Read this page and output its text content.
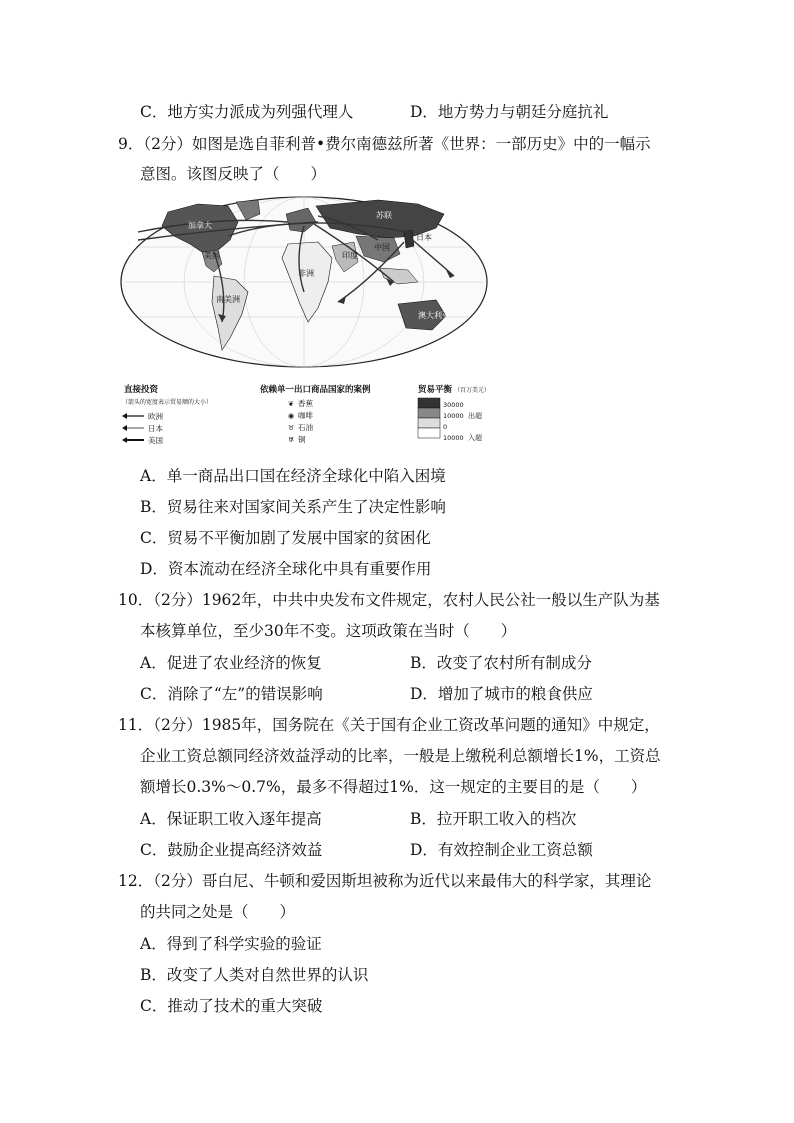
C．地方实力派成为列强代理人	D．地方势力与朝廷分庭抗礼
9．（2分）如图是选自菲利普•费尔南德兹所著《世界：一部历史》中的一幅示
意图。该图反映了（　　）
加拿大
苏联
澳大利亚
美国
非洲
南美洲
中国
日本
印度
直接投资
（箭头的宽度表示贸易额的大小）
欧洲
日本
美国
依赖单一出口商品国家的案例
❦ 香蕉
◉ 咖啡
♉ 石油
♅ 铜
贸易平衡 （百万美元）
30000
10000 出超
0
10000 入超
A．单一商品出口国在经济全球化中陷入困境
B．贸易往来对国家间关系产生了决定性影响
C．贸易不平衡加剧了发展中国家的贫困化
D．资本流动在经济全球化中具有重要作用
10．（2分）1962年，中共中央发布文件规定，农村人民公社一般以生产队为基
本核算单位，至少30年不变。这项政策在当时（　　）
A．促进了农业经济的恢复	B．改变了农村所有制成分
C．消除了“左”的错误影响	D．增加了城市的粮食供应
11．（2分）1985年，国务院在《关于国有企业工资改革问题的通知》中规定，
企业工资总额同经济效益浮动的比率，一般是上缴税利总额增长1%，工资总
额增长0.3%～0.7%，最多不得超过1%．这一规定的主要目的是（　　）
A．保证职工收入逐年提高	B．拉开职工收入的档次
C．鼓励企业提高经济效益	D．有效控制企业工资总额
12．（2分）哥白尼、牛顿和爱因斯坦被称为近代以来最伟大的科学家，其理论
的共同之处是（　　）
A．得到了科学实验的验证
B．改变了人类对自然世界的认识
C．推动了技术的重大突破
